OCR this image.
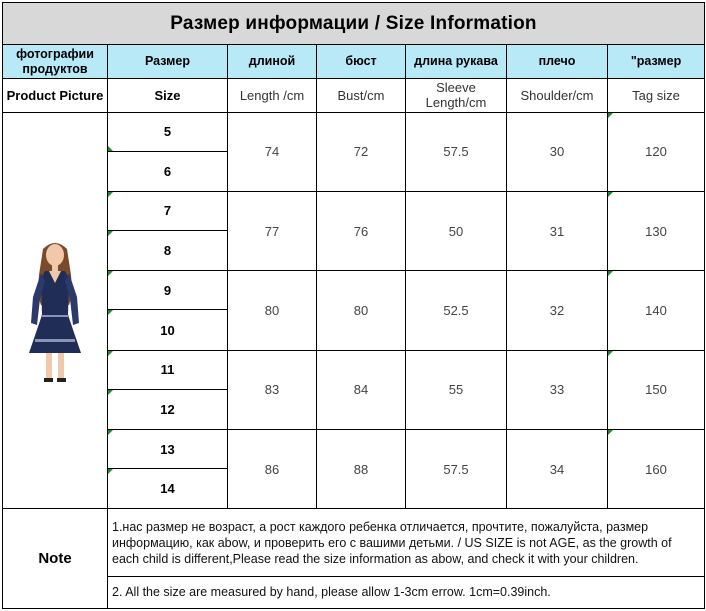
Размер информации / Size Information						
фотографии продуктов	Размер	длиной	бюст	длина рукава	плечо	"размер
Product Picture	Size	Length /cm	Bust/cm	Sleeve Length/cm	Shoulder/cm	Tag size

	5	74	72	57.5	30	120
	6					
	7	77	76	50	31	130
	8					
	9	80	80	52.5	32	140
	10					
	11	83	84	55	33	150
	12					
	13	86	88	57.5	34	160
	14					
Note	1.нас размер не возраст, а рост каждого ребенка отличается, прочтите, пожалуйста, размер информацию, как abow, и проверить его с вашими детьми. / US SIZE is not AGE, as the growth of each child is different,Please read the size information as abow, and check it with your children.					
	2. All the size are measured by hand, please allow 1-3cm errow. 1cm=0.39inch.					
